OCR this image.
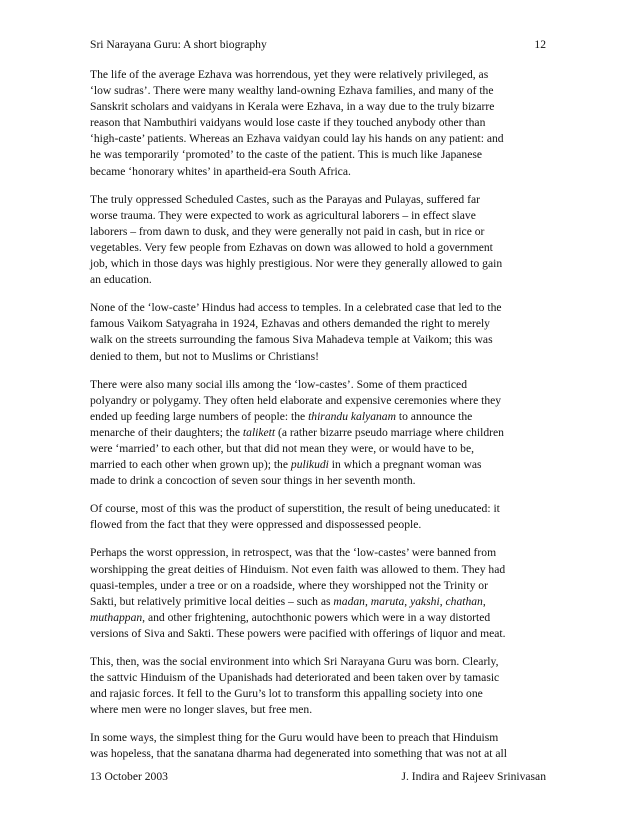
Sri Narayana Guru: A short biography	12

The life of the average Ezhava was horrendous, yet they were relatively privileged, as
‘low sudras’. There were many wealthy land-owning Ezhava families, and many of the
Sanskrit scholars and vaidyans in Kerala were Ezhava, in a way due to the truly bizarre
reason that Nambuthiri vaidyans would lose caste if they touched anybody other than
‘high-caste’ patients. Whereas an Ezhava vaidyan could lay his hands on any patient: and
he was temporarily ‘promoted’ to the caste of the patient. This is much like Japanese
became ‘honorary whites’ in apartheid-era South Africa.

The truly oppressed Scheduled Castes, such as the Parayas and Pulayas, suffered far
worse trauma. They were expected to work as agricultural laborers – in effect slave
laborers – from dawn to dusk, and they were generally not paid in cash, but in rice or
vegetables. Very few people from Ezhavas on down was allowed to hold a government
job, which in those days was highly prestigious. Nor were they generally allowed to gain
an education.

None of the ‘low-caste’ Hindus had access to temples. In a celebrated case that led to the
famous Vaikom Satyagraha in 1924, Ezhavas and others demanded the right to merely
walk on the streets surrounding the famous Siva Mahadeva temple at Vaikom; this was
denied to them, but not to Muslims or Christians!

There were also many social ills among the ‘low-castes’. Some of them practiced
polyandry or polygamy. They often held elaborate and expensive ceremonies where they
ended up feeding large numbers of people: the thirandu kalyanam to announce the
menarche of their daughters; the talikett (a rather bizarre pseudo marriage where children
were ‘married’ to each other, but that did not mean they were, or would have to be,
married to each other when grown up); the pulikudi in which a pregnant woman was
made to drink a concoction of seven sour things in her seventh month.

Of course, most of this was the product of superstition, the result of being uneducated: it
flowed from the fact that they were oppressed and dispossessed people.

Perhaps the worst oppression, in retrospect, was that the ‘low-castes’ were banned from
worshipping the great deities of Hinduism. Not even faith was allowed to them. They had
quasi-temples, under a tree or on a roadside, where they worshipped not the Trinity or
Sakti, but relatively primitive local deities – such as madan, maruta, yakshi, chathan,
muthappan, and other frightening, autochthonic powers which were in a way distorted
versions of Siva and Sakti. These powers were pacified with offerings of liquor and meat.

This, then, was the social environment into which Sri Narayana Guru was born. Clearly,
the sattvic Hinduism of the Upanishads had deteriorated and been taken over by tamasic
and rajasic forces. It fell to the Guru’s lot to transform this appalling society into one
where men were no longer slaves, but free men.

In some ways, the simplest thing for the Guru would have been to preach that Hinduism
was hopeless, that the sanatana dharma had degenerated into something that was not at all

13 October 2003	J. Indira and Rajeev Srinivasan
